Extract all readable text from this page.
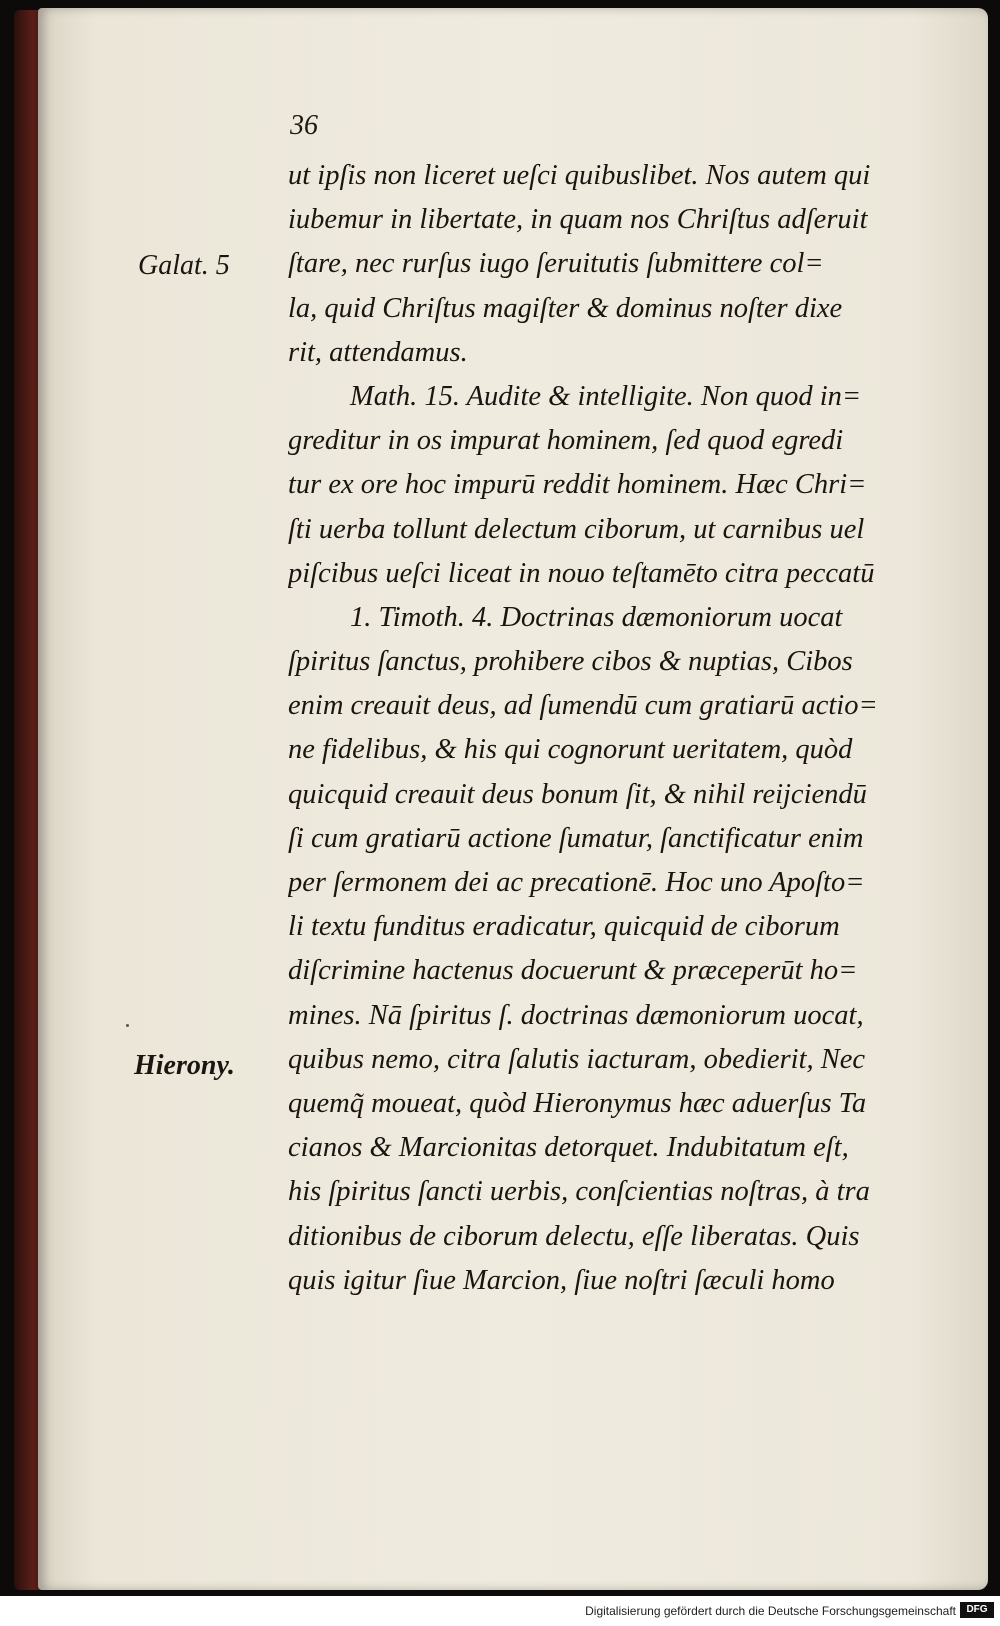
36
Galat. 5
Hierony.
ut ipſis non liceret ueſci quibuslibet. Nos autem qui
iubemur in libertate, in quam nos Chriſtus adſeruit
ſtare, nec rurſus iugo ſeruitutis ſubmittere col=
la, quid Chriſtus magiſter & dominus noſter dixe
rit, attendamus.
Math. 15. Audite & intelligite. Non quod in=
greditur in os impurat hominem, ſed quod egredi
tur ex ore hoc impurū reddit hominem. Hæc Chri=
ſti uerba tollunt delectum ciborum, ut carnibus uel
piſcibus ueſci liceat in nouo teſtamēto citra peccatū
1. Timoth. 4. Doctrinas dæmoniorum uocat
ſpiritus ſanctus, prohibere cibos & nuptias, Cibos
enim creauit deus, ad ſumendū cum gratiarū actio=
ne fidelibus, & his qui cognorunt ueritatem, quòd
quicquid creauit deus bonum ſit, & nihil reijciendū
ſi cum gratiarū actione ſumatur, ſanctificatur enim
per ſermonem dei ac precationē. Hoc uno Apoſto=
li textu funditus eradicatur, quicquid de ciborum
diſcrimine hactenus docuerunt & præceperūt ho=
mines. Nā ſpiritus ſ. doctrinas dæmoniorum uocat,
quibus nemo, citra ſalutis iacturam, obedierit, Nec
quemq̃ moueat, quòd Hieronymus hæc aduerſus Ta
cianos & Marcionitas detorquet. Indubitatum eſt,
his ſpiritus ſancti uerbis, conſcientias noſtras, à tra
ditionibus de ciborum delectu, eſſe liberatas. Quis
quis igitur ſiue Marcion, ſiue noſtri ſæculi homo
Digitalisierung gefördert durch die Deutsche Forschungsgemeinschaft	DFG
